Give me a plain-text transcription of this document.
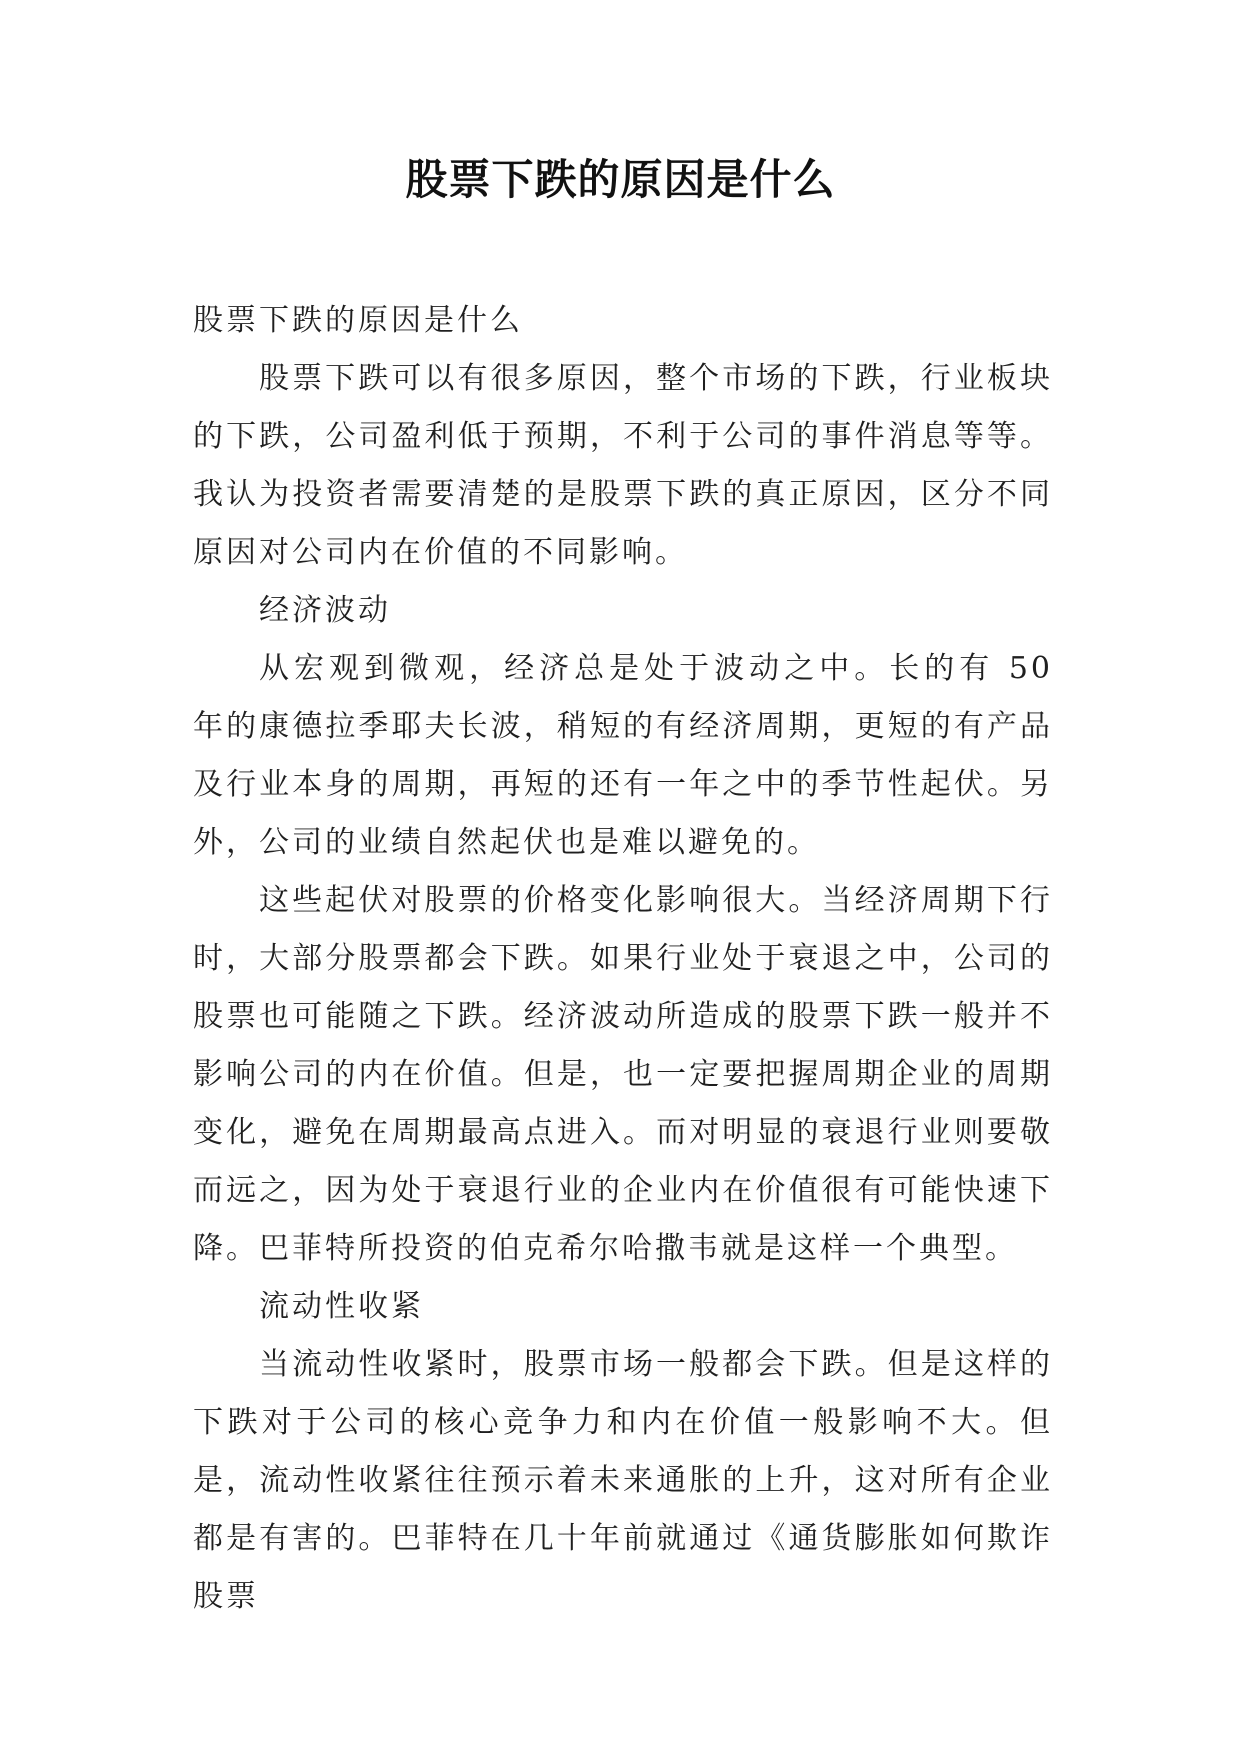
股票下跌的原因是什么

股票下跌的原因是什么

股票下跌可以有很多原因，整个市场的下跌，行业板块的下跌，公司盈利低于预期，不利于公司的事件消息等等。我认为投资者需要清楚的是股票下跌的真正原因，区分不同原因对公司内在价值的不同影响。

经济波动

从宏观到微观，经济总是处于波动之中。长的有 50 年的康德拉季耶夫长波，稍短的有经济周期，更短的有产品及行业本身的周期，再短的还有一年之中的季节性起伏。另外，公司的业绩自然起伏也是难以避免的。

这些起伏对股票的价格变化影响很大。当经济周期下行时，大部分股票都会下跌。如果行业处于衰退之中，公司的股票也可能随之下跌。经济波动所造成的股票下跌一般并不影响公司的内在价值。但是，也一定要把握周期企业的周期变化，避免在周期最高点进入。而对明显的衰退行业则要敬而远之，因为处于衰退行业的企业内在价值很有可能快速下降。巴菲特所投资的伯克希尔哈撒韦就是这样一个典型。

流动性收紧

当流动性收紧时，股票市场一般都会下跌。但是这样的下跌对于公司的核心竞争力和内在价值一般影响不大。但是，流动性收紧往往预示着未来通胀的上升，这对所有企业都是有害的。巴菲特在几十年前就通过《通货膨胀如何欺诈股票
